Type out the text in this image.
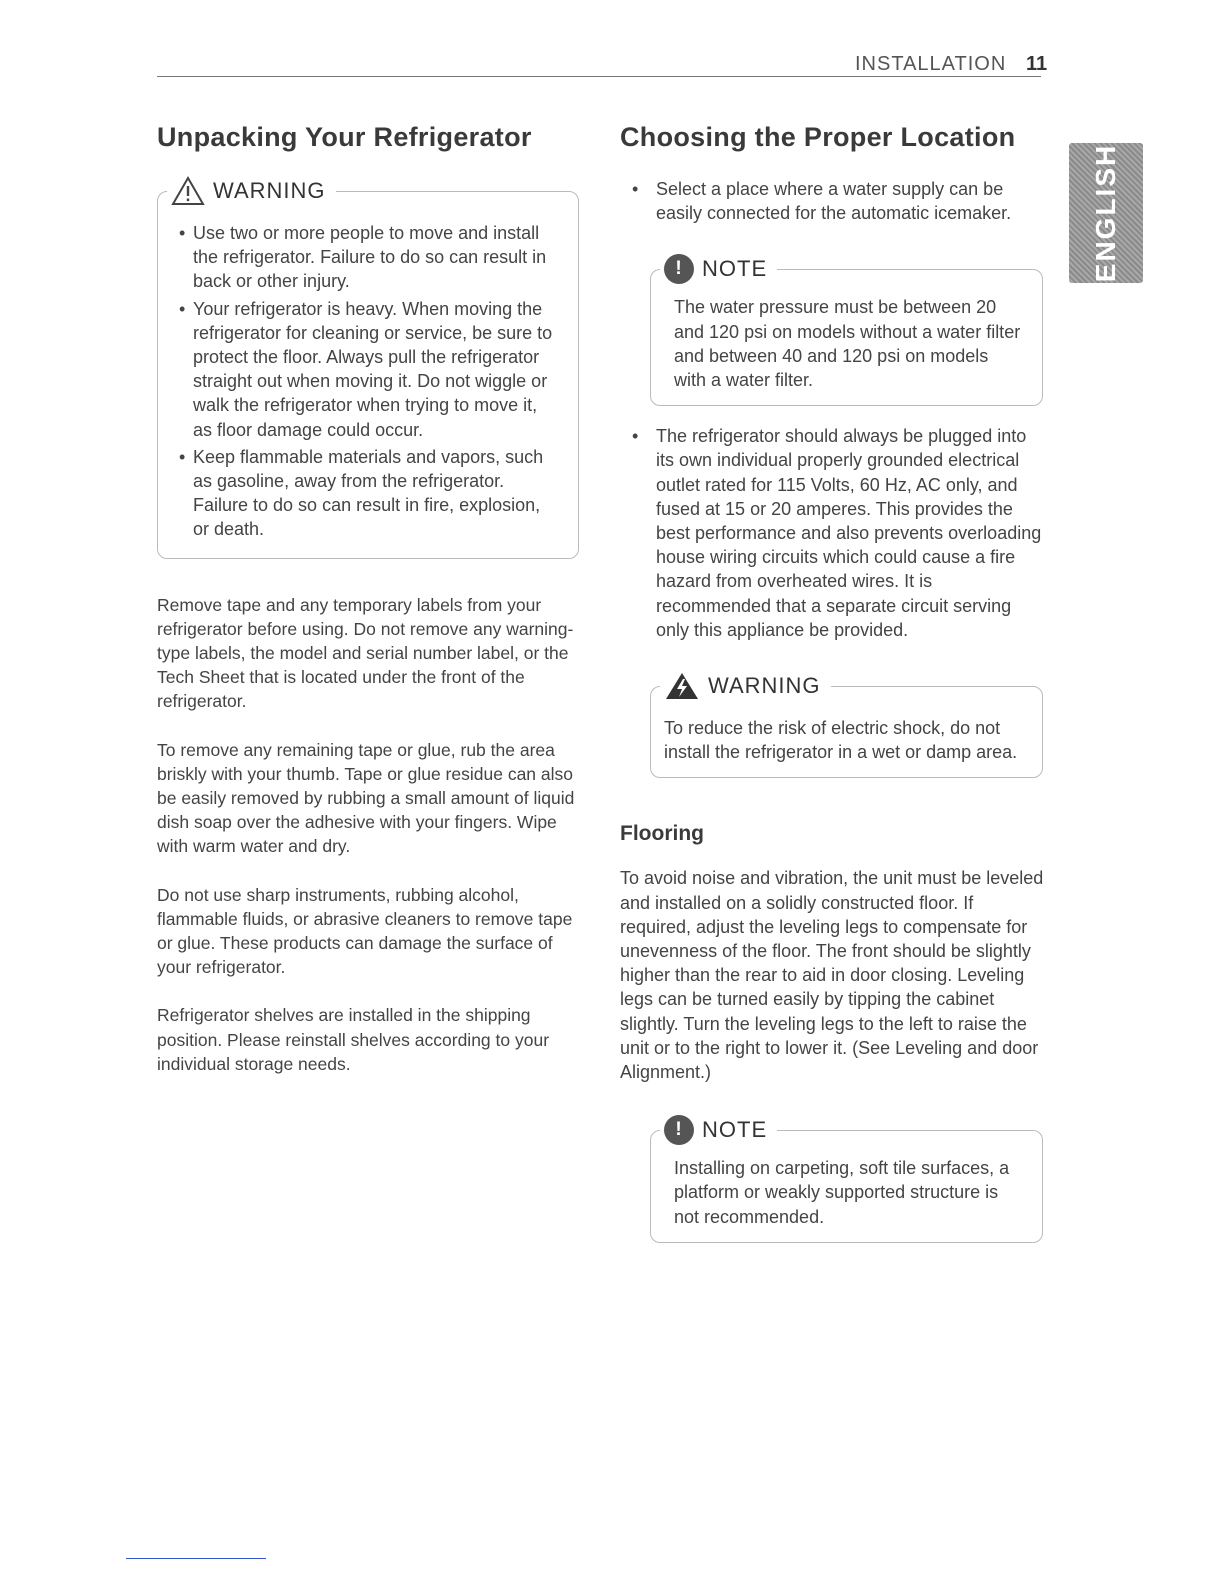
INSTALLATION 11
ENGLISH
Unpacking Your Refrigerator
WARNING
• Use two or more people to move and install the refrigerator. Failure to do so can result in back or other injury.
• Your refrigerator is heavy. When moving the refrigerator for cleaning or service, be sure to protect the floor. Always pull the refrigerator straight out when moving it. Do not wiggle or walk the refrigerator when trying to move it, as floor damage could occur.
• Keep flammable materials and vapors, such as gasoline, away from the refrigerator. Failure to do so can result in fire, explosion, or death.

Remove tape and any temporary labels from your refrigerator before using. Do not remove any warning-type labels, the model and serial number label, or the Tech Sheet that is located under the front of the refrigerator.

To remove any remaining tape or glue, rub the area briskly with your thumb. Tape or glue residue can also be easily removed by rubbing a small amount of liquid dish soap over the adhesive with your fingers. Wipe with warm water and dry.

Do not use sharp instruments, rubbing alcohol, flammable fluids, or abrasive cleaners to remove tape or glue. These products can damage the surface of your refrigerator.

Refrigerator shelves are installed in the shipping position. Please reinstall shelves according to your individual storage needs.

Choosing the Proper Location
• Select a place where a water supply can be easily connected for the automatic icemaker.
! NOTE
The water pressure must be between 20 and 120 psi on models without a water filter and between 40 and 120 psi on models with a water filter.
• The refrigerator should always be plugged into its own individual properly grounded electrical outlet rated for 115 Volts, 60 Hz, AC only, and fused at 15 or 20 amperes. This provides the best performance and also prevents overloading house wiring circuits which could cause a fire hazard from overheated wires. It is recommended that a separate circuit serving only this appliance be provided.
WARNING
To reduce the risk of electric shock, do not install the refrigerator in a wet or damp area.
Flooring

To avoid noise and vibration, the unit must be leveled and installed on a solidly constructed floor. If required, adjust the leveling legs to compensate for unevenness of the floor. The front should be slightly higher than the rear to aid in door closing. Leveling legs can be turned easily by tipping the cabinet slightly. Turn the leveling legs to the left to raise the unit or to the right to lower it. (See Leveling and door Alignment.)

! NOTE
Installing on carpeting, soft tile surfaces, a platform or weakly supported structure is not recommended.
